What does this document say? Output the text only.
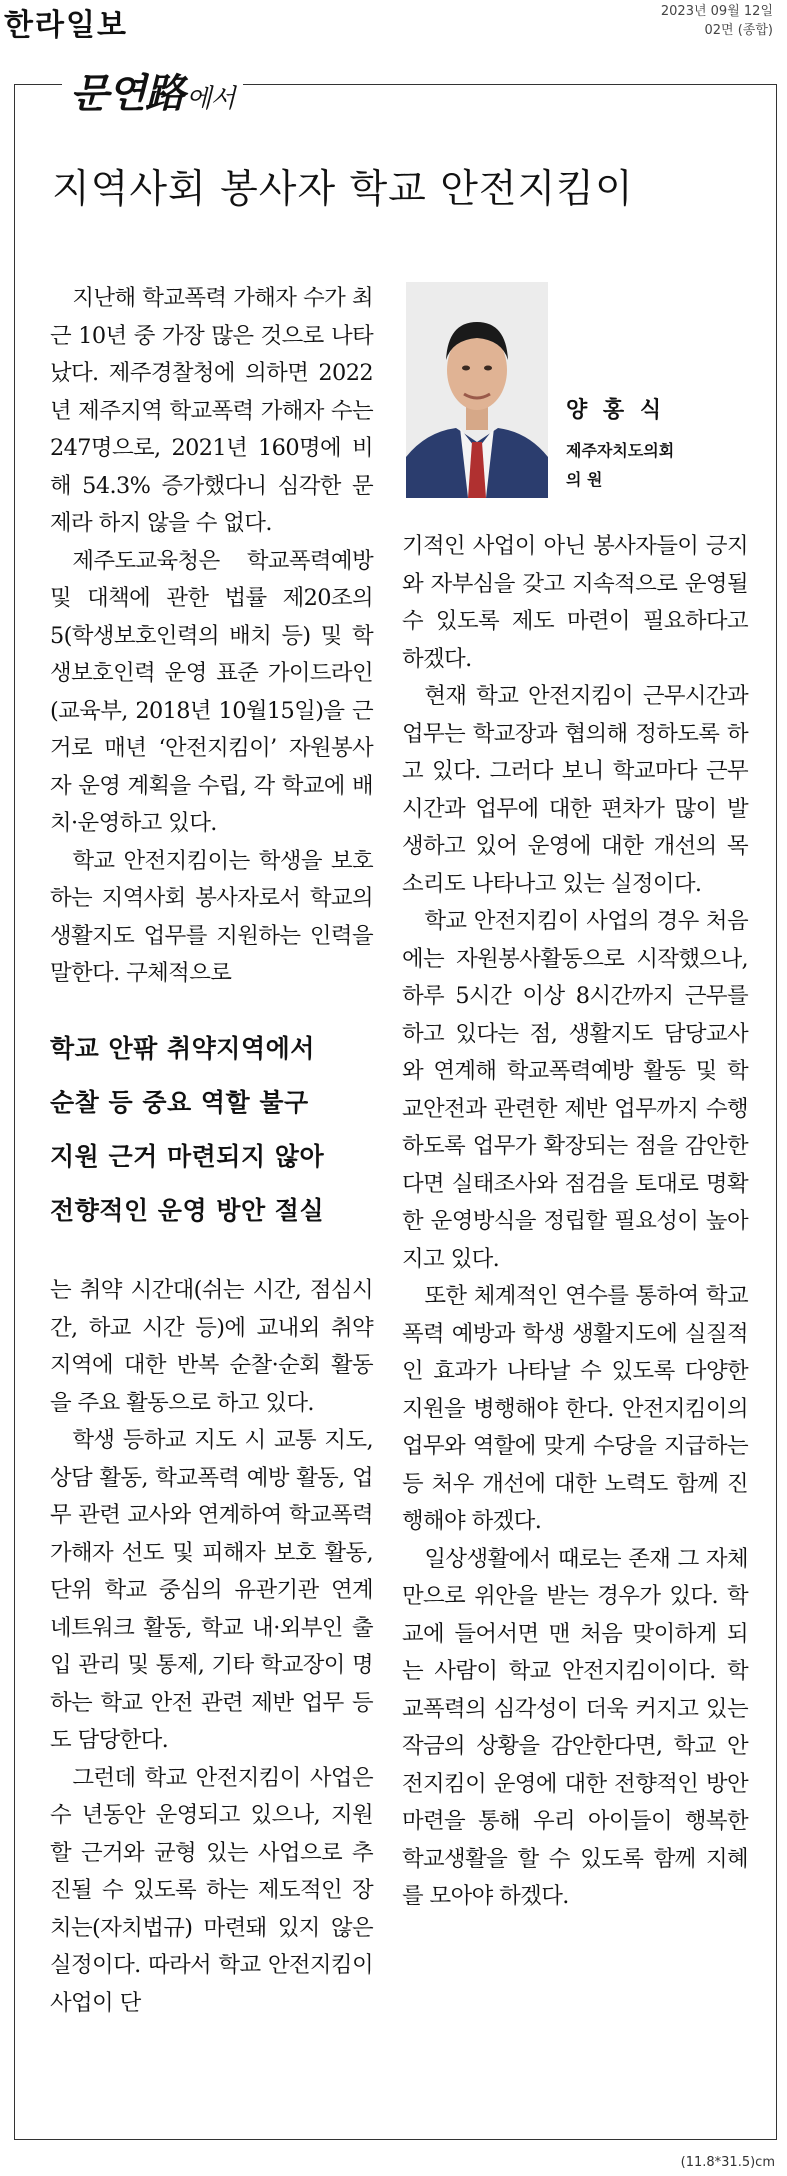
한라일보	2023년 09월 12일
02면 (종합)
문연路에서
지역사회 봉사자 학교 안전지킴이
양 홍 식
제주자치도의회
의 원

지난해 학교폭력 가해자 수가 최근 10년 중 가장 많은 것으로 나타났다. 제주경찰청에 의하면 2022년 제주지역 학교폭력 가해자 수는 247명으로, 2021년 160명에 비해 54.3% 증가했다니 심각한 문제라 하지 않을 수 없다.

제주도교육청은 학교폭력예방 및 대책에 관한 법률 제20조의5(학생보호인력의 배치 등) 및 학생보호인력 운영 표준 가이드라인(교육부, 2018년 10월15일)을 근거로 매년 ‘안전지킴이’ 자원봉사자 운영 계획을 수립, 각 학교에 배치·운영하고 있다.

학교 안전지킴이는 학생을 보호하는 지역사회 봉사자로서 학교의 생활지도 업무를 지원하는 인력을 말한다. 구체적으로

학교 안팎 취약지역에서
순찰 등 중요 역할 불구
지원 근거 마련되지 않아
전향적인 운영 방안 절실

는 취약 시간대(쉬는 시간, 점심시간, 하교 시간 등)에 교내외 취약 지역에 대한 반복 순찰·순회 활동을 주요 활동으로 하고 있다.

학생 등하교 지도 시 교통 지도, 상담 활동, 학교폭력 예방 활동, 업무 관련 교사와 연계하여 학교폭력 가해자 선도 및 피해자 보호 활동, 단위 학교 중심의 유관기관 연계 네트워크 활동, 학교 내·외부인 출입 관리 및 통제, 기타 학교장이 명하는 학교 안전 관련 제반 업무 등도 담당한다.

그런데 학교 안전지킴이 사업은 수 년동안 운영되고 있으나, 지원할 근거와 균형 있는 사업으로 추진될 수 있도록 하는 제도적인 장치는(자치법규) 마련돼 있지 않은 실정이다. 따라서 학교 안전지킴이 사업이 단

기적인 사업이 아닌 봉사자들이 긍지와 자부심을 갖고 지속적으로 운영될 수 있도록 제도 마련이 필요하다고 하겠다.

현재 학교 안전지킴이 근무시간과 업무는 학교장과 협의해 정하도록 하고 있다. 그러다 보니 학교마다 근무시간과 업무에 대한 편차가 많이 발생하고 있어 운영에 대한 개선의 목소리도 나타나고 있는 실정이다.

학교 안전지킴이 사업의 경우 처음에는 자원봉사활동으로 시작했으나, 하루 5시간 이상 8시간까지 근무를 하고 있다는 점, 생활지도 담당교사와 연계해 학교폭력예방 활동 및 학교안전과 관련한 제반 업무까지 수행하도록 업무가 확장되는 점을 감안한다면 실태조사와 점검을 토대로 명확한 운영방식을 정립할 필요성이 높아지고 있다.

또한 체계적인 연수를 통하여 학교폭력 예방과 학생 생활지도에 실질적인 효과가 나타날 수 있도록 다양한 지원을 병행해야 한다. 안전지킴이의 업무와 역할에 맞게 수당을 지급하는 등 처우 개선에 대한 노력도 함께 진행해야 하겠다.

일상생활에서 때로는 존재 그 자체만으로 위안을 받는 경우가 있다. 학교에 들어서면 맨 처음 맞이하게 되는 사람이 학교 안전지킴이이다. 학교폭력의 심각성이 더욱 커지고 있는 작금의 상황을 감안한다면, 학교 안전지킴이 운영에 대한 전향적인 방안 마련을 통해 우리 아이들이 행복한 학교생활을 할 수 있도록 함께 지혜를 모아야 하겠다.

(11.8*31.5)cm
